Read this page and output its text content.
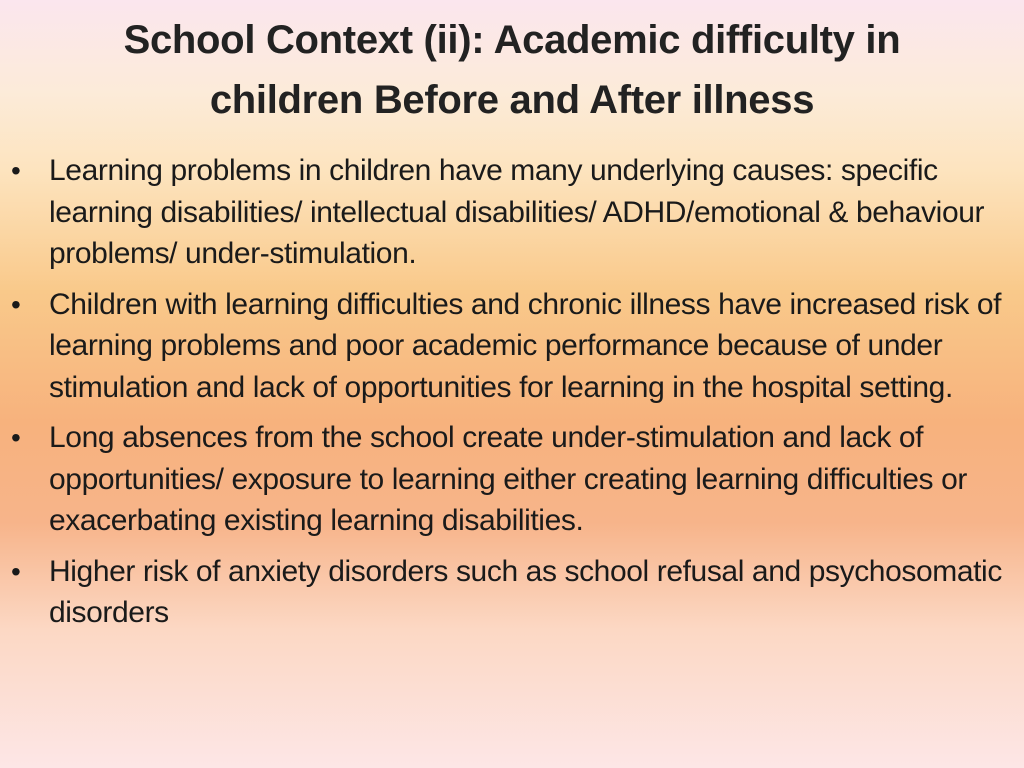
School Context (ii): Academic difficulty in
children Before and After illness
• Learning problems in children have many underlying causes: specific learning disabilities/ intellectual disabilities/ ADHD/emotional & behaviour problems/ under-stimulation.
• Children with learning difficulties and chronic illness have increased risk of learning problems and poor academic performance because of under stimulation and lack of opportunities for learning in the hospital setting.
• Long absences from the school create under-stimulation and lack of opportunities/ exposure to learning either creating learning difficulties or exacerbating existing learning disabilities.
• Higher risk of anxiety disorders such as school refusal and psychosomatic disorders
